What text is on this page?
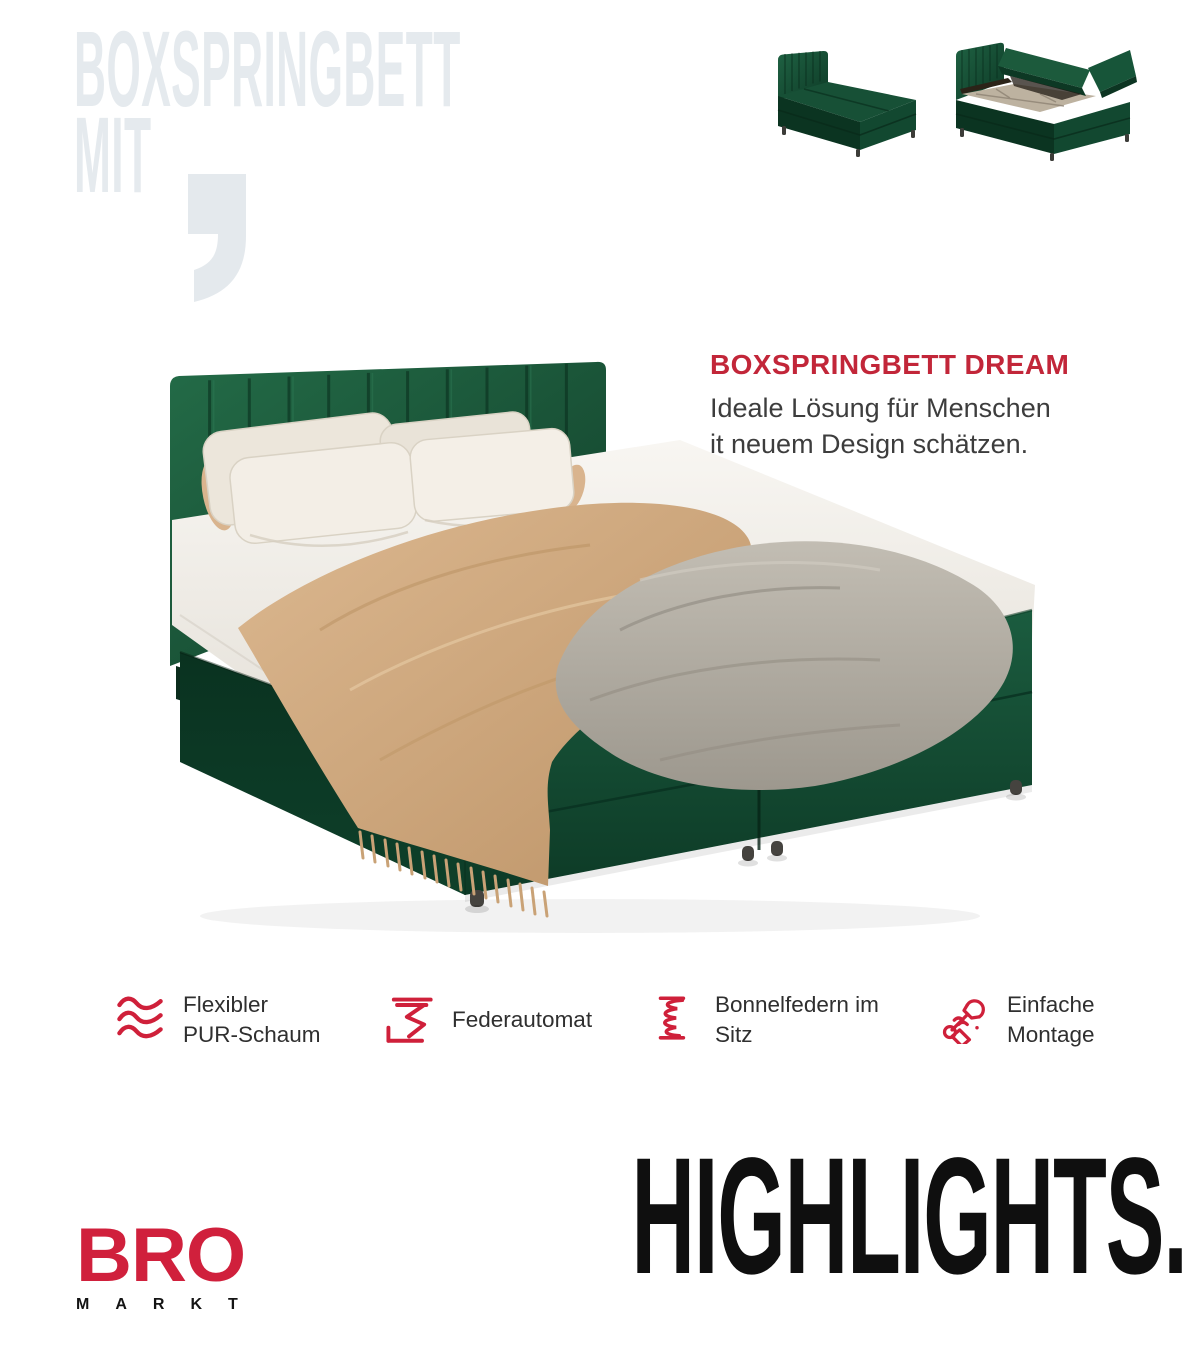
BOXSPRINGBETT
MIT
BOXSPRINGBETT DREAM

Ideale Lösung für Menschen
it neuem Design schätzen.

Flexibler
PUR-Schaum
Federautomat
Bonnelfedern im
Sitz
Einfache
Montage
BRO
MARKT HIGHLIGHTS.
